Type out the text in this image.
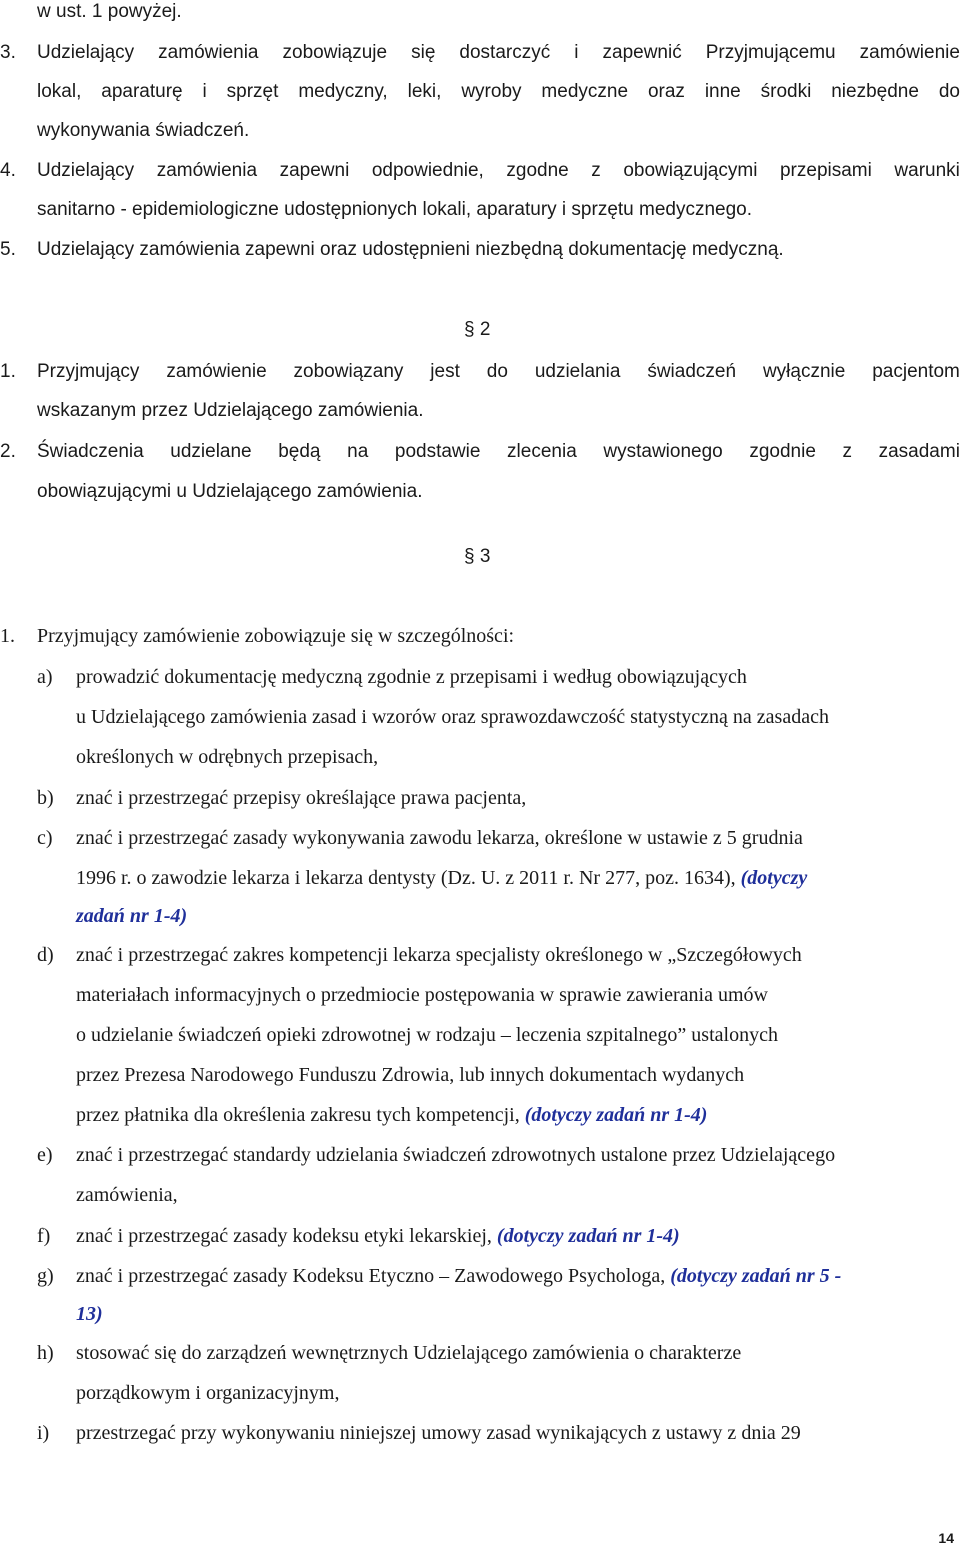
w ust. 1 powyżej.
3. Udzielający zamówienia zobowiązuje się dostarczyć i zapewnić Przyjmującemu zamówienie
lokal, aparaturę i sprzęt medyczny, leki, wyroby medyczne oraz inne środki niezbędne do
wykonywania świadczeń.
4. Udzielający zamówienia zapewni odpowiednie, zgodne z obowiązującymi przepisami warunki
sanitarno - epidemiologiczne udostępnionych lokali, aparatury i sprzętu medycznego.
5. Udzielający zamówienia zapewni oraz udostępnieni niezbędną dokumentację medyczną.
§ 2
1. Przyjmujący zamówienie zobowiązany jest do udzielania świadczeń wyłącznie pacjentom
wskazanym przez Udzielającego zamówienia.
2. Świadczenia udzielane będą na podstawie zlecenia wystawionego zgodnie z zasadami
obowiązującymi u Udzielającego zamówienia.
§ 3
1. Przyjmujący zamówienie zobowiązuje się w szczególności:
a) prowadzić dokumentację medyczną zgodnie z przepisami i według obowiązujących
u Udzielającego zamówienia zasad i wzorów oraz sprawozdawczość statystyczną na zasadach
określonych w odrębnych przepisach,
b) znać i przestrzegać przepisy określające prawa pacjenta,
c) znać i przestrzegać zasady wykonywania zawodu lekarza, określone w ustawie z 5 grudnia
1996 r. o zawodzie lekarza i lekarza dentysty (Dz. U. z 2011 r. Nr 277, poz. 1634), (dotyczy
zadań nr 1-4)
d) znać i przestrzegać zakres kompetencji lekarza specjalisty określonego w „Szczegółowych
materiałach informacyjnych o przedmiocie postępowania w sprawie zawierania umów
o udzielanie świadczeń opieki zdrowotnej w rodzaju – leczenia szpitalnego” ustalonych
przez Prezesa Narodowego Funduszu Zdrowia, lub innych dokumentach wydanych
przez płatnika dla określenia zakresu tych kompetencji, (dotyczy zadań nr 1-4)
e) znać i przestrzegać standardy udzielania świadczeń zdrowotnych ustalone przez Udzielającego
zamówienia,
f) znać i przestrzegać zasady kodeksu etyki lekarskiej, (dotyczy zadań nr 1-4)
g) znać i przestrzegać zasady Kodeksu Etyczno – Zawodowego Psychologa, (dotyczy zadań nr 5 -
13)
h) stosować się do zarządzeń wewnętrznych Udzielającego zamówienia o charakterze
porządkowym i organizacyjnym,
i) przestrzegać przy wykonywaniu niniejszej umowy zasad wynikających z ustawy z dnia 29
14
